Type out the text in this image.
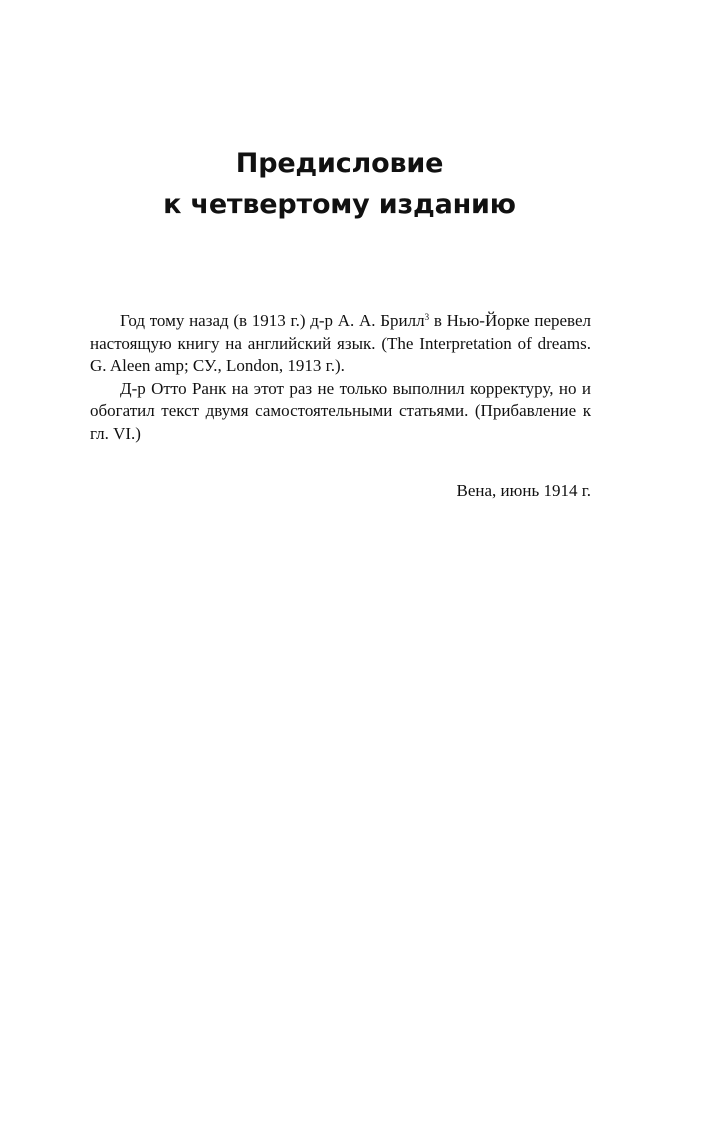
Предисловие
к четвертому изданию

Год тому назад (в 1913 г.) д-р А. А. Брилл$^3$ в Нью-Йорке перевел настоящую книгу на английский язык. (The Interpretation of dreams. G. Aleen amp; СУ., London, 1913 г.).

Д-р Отто Ранк на этот раз не только выполнил корректуру, но и обогатил текст двумя самостоятельными статьями. (Прибавление к гл. VI.)

Вена, июнь 1914 г.
